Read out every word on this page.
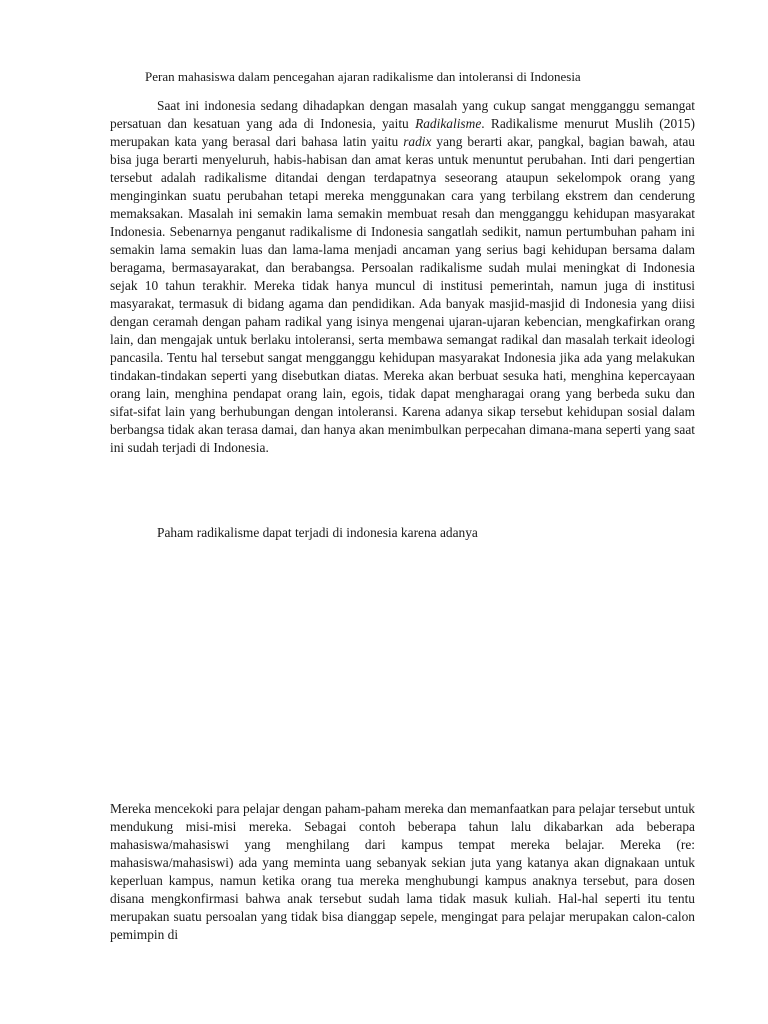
Peran mahasiswa dalam pencegahan ajaran radikalisme dan intoleransi di Indonesia
Saat ini indonesia sedang dihadapkan dengan masalah yang cukup sangat mengganggu semangat persatuan dan kesatuan yang ada di Indonesia, yaitu Radikalisme. Radikalisme menurut Muslih (2015) merupakan kata yang berasal dari bahasa latin yaitu radix yang berarti akar, pangkal, bagian bawah, atau bisa juga berarti menyeluruh, habis-habisan dan amat keras untuk menuntut perubahan. Inti dari pengertian tersebut adalah radikalisme ditandai dengan terdapatnya seseorang ataupun sekelompok orang yang menginginkan suatu perubahan tetapi mereka menggunakan cara yang terbilang ekstrem dan cenderung memaksakan. Masalah ini semakin lama semakin membuat resah dan mengganggu kehidupan masyarakat Indonesia. Sebenarnya penganut radikalisme di Indonesia sangatlah sedikit, namun pertumbuhan paham ini semakin lama semakin luas dan lama-lama menjadi ancaman yang serius bagi kehidupan bersama dalam beragama, bermasayarakat, dan berabangsa. Persoalan radikalisme sudah mulai meningkat di Indonesia sejak 10 tahun terakhir. Mereka tidak hanya muncul di institusi pemerintah, namun juga di institusi masyarakat, termasuk di bidang agama dan pendidikan. Ada banyak masjid-masjid di Indonesia yang diisi dengan ceramah dengan paham radikal yang isinya mengenai ujaran-ujaran kebencian, mengkafirkan orang lain, dan mengajak untuk berlaku intoleransi, serta membawa semangat radikal dan masalah terkait ideologi pancasila. Tentu hal tersebut sangat mengganggu kehidupan masyarakat Indonesia jika ada yang melakukan tindakan-tindakan seperti yang disebutkan diatas. Mereka akan berbuat sesuka hati, menghina kepercayaan orang lain, menghina pendapat orang lain, egois, tidak dapat mengharagai orang yang berbeda suku dan sifat-sifat lain yang berhubungan dengan intoleransi. Karena adanya sikap tersebut kehidupan sosial dalam berbangsa tidak akan terasa damai, dan hanya akan menimbulkan perpecahan dimana-mana seperti yang saat ini sudah terjadi di Indonesia.
Paham radikalisme dapat terjadi di indonesia karena adanya
Mereka mencekoki para pelajar dengan paham-paham mereka dan memanfaatkan para pelajar tersebut untuk mendukung misi-misi mereka. Sebagai contoh beberapa tahun lalu dikabarkan ada beberapa mahasiswa/mahasiswi yang menghilang dari kampus tempat mereka belajar. Mereka (re: mahasiswa/mahasiswi) ada yang meminta uang sebanyak sekian juta yang katanya akan dignakaan untuk keperluan kampus, namun ketika orang tua mereka menghubungi kampus anaknya tersebut, para dosen disana mengkonfirmasi bahwa anak tersebut sudah lama tidak masuk kuliah. Hal-hal seperti itu tentu merupakan suatu persoalan yang tidak bisa dianggap sepele, mengingat para pelajar merupakan calon-calon pemimpin di
